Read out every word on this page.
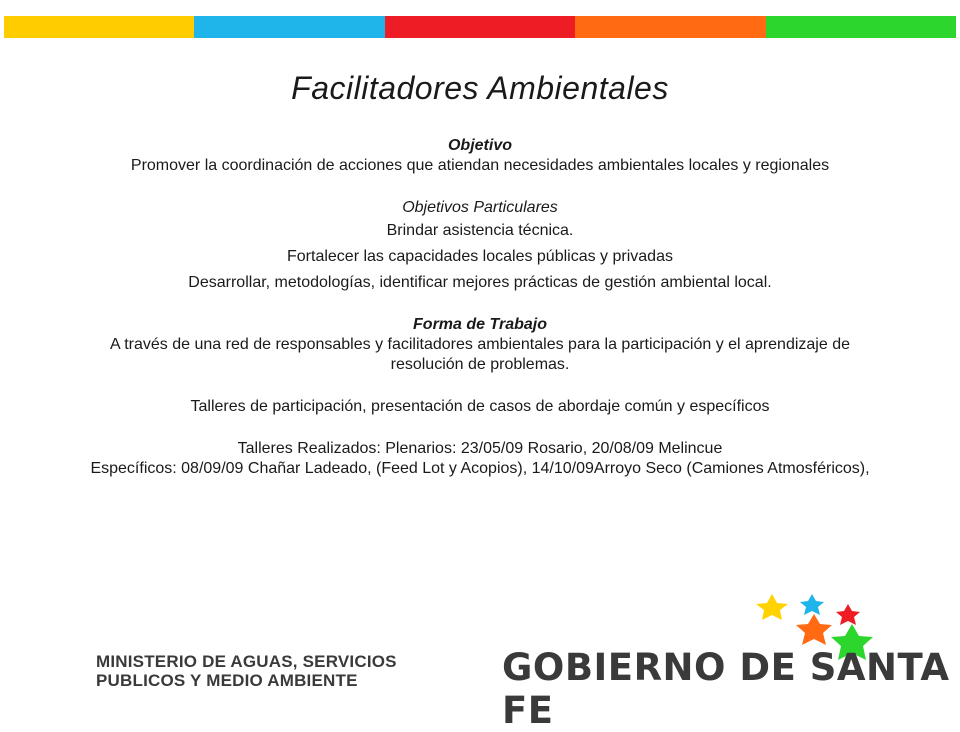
Facilitadores Ambientales

Objetivo

Promover la coordinación de acciones que atiendan necesidades ambientales locales y regionales

Objetivos Particulares

Brindar asistencia técnica.

Fortalecer las capacidades locales públicas y privadas

Desarrollar, metodologías, identificar mejores prácticas de gestión ambiental local.

Forma de Trabajo

A través de una red de responsables y facilitadores ambientales para la participación y el aprendizaje de resolución de problemas.

Talleres de participación, presentación de casos de abordaje común y específicos

Talleres Realizados: Plenarios: 23/05/09 Rosario, 20/08/09 Melincue

Específicos: 08/09/09 Chañar Ladeado, (Feed Lot y Acopios), 14/10/09Arroyo Seco (Camiones Atmosféricos),

MINISTERIO DE AGUAS, SERVICIOS
PUBLICOS Y MEDIO AMBIENTE	GOBIERNO DE SANTA FE
